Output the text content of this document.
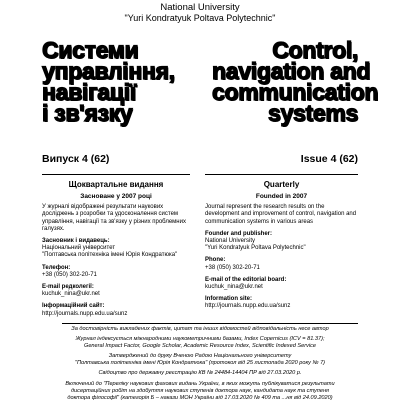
National University
"Yuri Kondratyuk Poltava Polytechnic"
Системи
управління,
навігації
і зв'язку
Control,
navigation and
communication
systems
Випуск 4 (62)	Issue 4 (62)
Щоквартальне видання
Засноване у 2007 році
У журналі відображені результати наукових досліджень з розробки та удосконалення систем управління, навігації та зв'язку у різних проблемних галузях.
Засновник і видавець:
Національний університет
"Полтавська політехніка імені Юрія Кондратюка"
Телефон:
+38 (050) 302-20-71
E-mail редколегії:
kuchuk_nina@ukr.net
Інформаційний сайт:
http://journals.nupp.edu.ua/sunz
Quarterly
Founded in 2007
Journal represent the research results on the development and improvement of control, navigation and communication systems in various areas
Founder and publisher:
National University
"Yuri Kondratyuk Poltava Polytechnic"
Phone:
+38 (050) 302-20-71
E-mail of the editorial board:
kuchuk_nina@ukr.net
Information site:
http://journals.nupp.edu.ua/sunz
За достовірність викладених фактів, цитат та інших відомостей відповідальність несе автор
Журнал індексується міжнародними наукометричними базами, Index Copernicus (ICV = 81.37);
General Impact Factor, Google Scholar, Academic Resource Index, Scientific Indexed Service
Затверджений до друку Вченою Радою Національного університету
"Полтавська політехніка імені Юрія Кондратюка" (протокол від 25 листопада 2020 року № 7)
Свідоцтво про державну реєстрацію КВ № 24484-14404 ПР від 27.03.2020 р.
Включений до "Переліку наукових фахових видань України, в яких можуть публікуватися результати
дисертаційних робіт на здобуття наукових ступенів доктора наук, кандидата наук та ступеня
доктора філософії" (категорія Б – накази МОН України від 17.03.2020 № 409 та ...ня від 24.09.2020)
